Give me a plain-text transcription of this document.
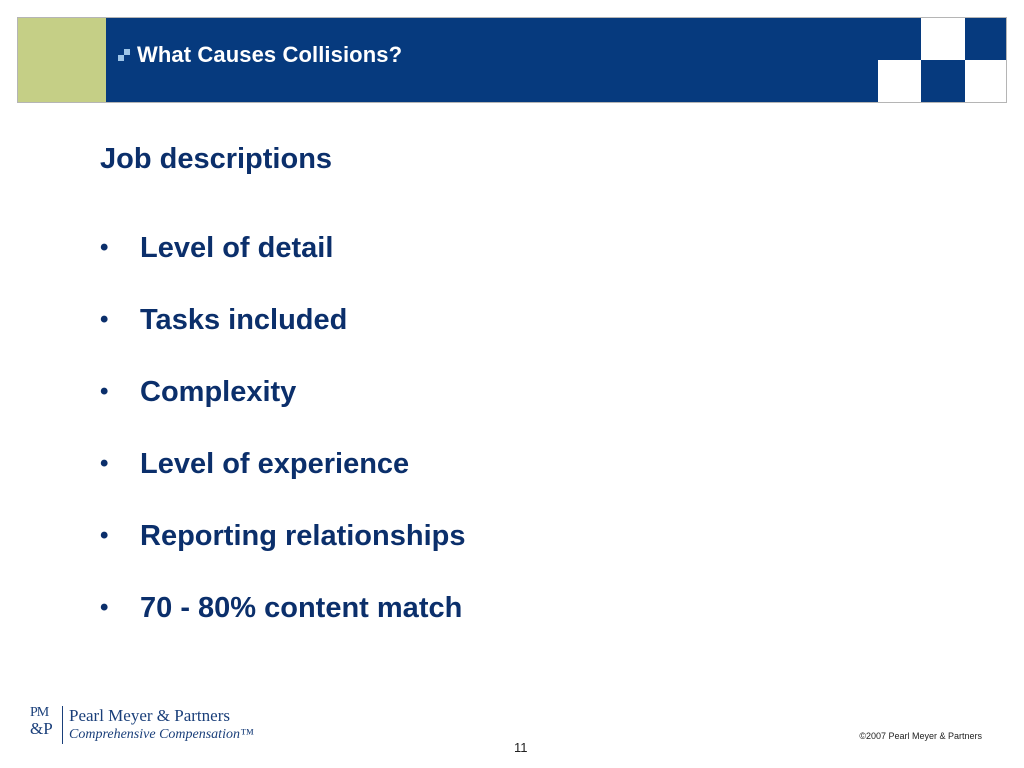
What Causes Collisions?
Job descriptions
•	Level of detail
•	Tasks included
•	Complexity
•	Level of experience
•	Reporting relationships
•	70 - 80% content match
PM
&P
Pearl Meyer & Partners
Comprehensive Compensation™
11
©2007 Pearl Meyer & Partners
